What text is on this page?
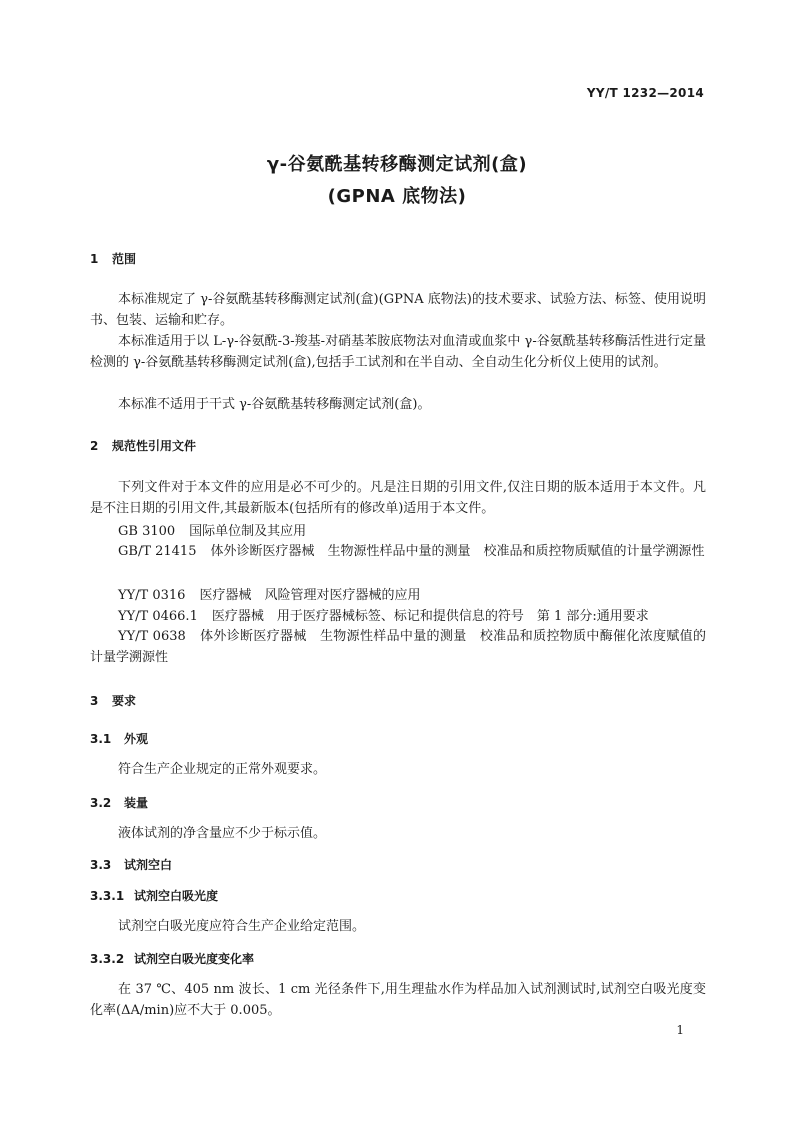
YY/T 1232—2014
γ-谷氨酰基转移酶测定试剂(盒)
(GPNA 底物法)
1 范围
本标准规定了 γ-谷氨酰基转移酶测定试剂(盒)(GPNA 底物法)的技术要求、试验方法、标签、使用说明书、包装、运输和贮存。
本标准适用于以 L-γ-谷氨酰-3-羧基-对硝基苯胺底物法对血清或血浆中 γ-谷氨酰基转移酶活性进行定量检测的 γ-谷氨酰基转移酶测定试剂(盒),包括手工试剂和在半自动、全自动生化分析仪上使用的试剂。
本标准不适用于干式 γ-谷氨酰基转移酶测定试剂(盒)。
2 规范性引用文件
下列文件对于本文件的应用是必不可少的。凡是注日期的引用文件,仅注日期的版本适用于本文件。凡是不注日期的引用文件,其最新版本(包括所有的修改单)适用于本文件。
GB 3100 国际单位制及其应用
GB/T 21415 体外诊断医疗器械　生物源性样品中量的测量　校准品和质控物质赋值的计量学溯源性
YY/T 0316 医疗器械　风险管理对医疗器械的应用
YY/T 0466.1 医疗器械　用于医疗器械标签、标记和提供信息的符号　第 1 部分:通用要求
YY/T 0638 体外诊断医疗器械　生物源性样品中量的测量　校准品和质控物质中酶催化浓度赋值的计量学溯源性
3 要求
3.1 外观
符合生产企业规定的正常外观要求。
3.2 装量
液体试剂的净含量应不少于标示值。
3.3 试剂空白
3.3.1 试剂空白吸光度
试剂空白吸光度应符合生产企业给定范围。
3.3.2 试剂空白吸光度变化率
在 37 ℃、405 nm 波长、1 cm 光径条件下,用生理盐水作为样品加入试剂测试时,试剂空白吸光度变化率(ΔA/min)应不大于 0.005。
1
